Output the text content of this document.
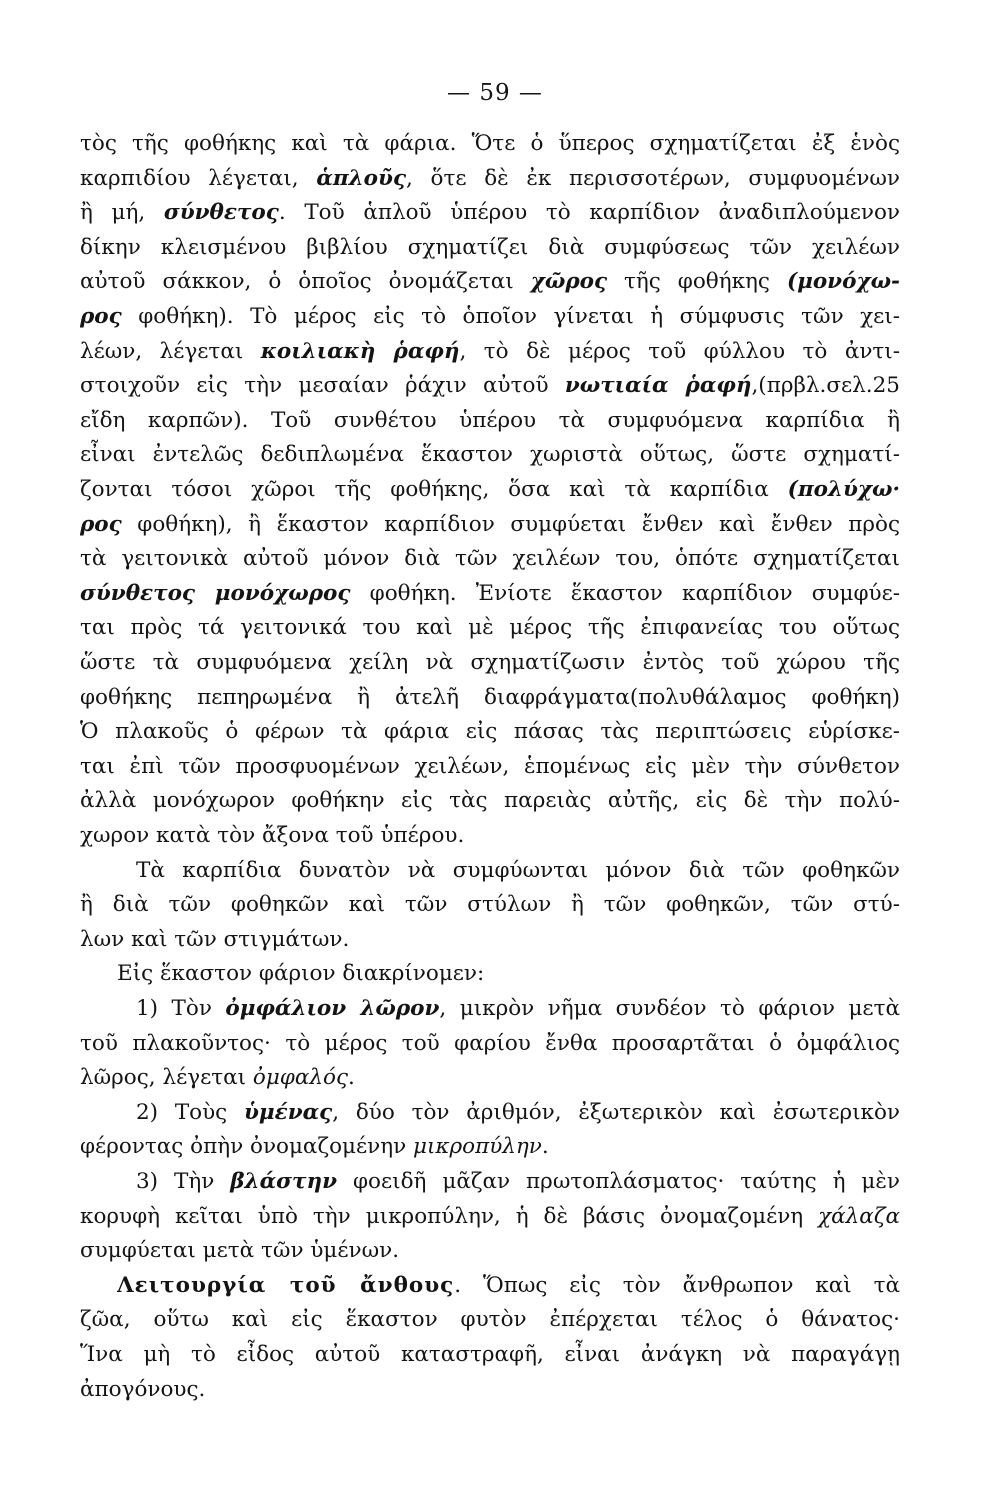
— 59 —
τὸς τῆς φοθήκης καὶ τὰ φάρια. Ὅτε ὁ ὕπερος σχηματίζεται ἐξ ἑνὸς
καρπιδίου λέγεται, ἁπλοῦς, ὅτε δὲ ἐκ περισσοτέρων, συμφυομένων
ἢ μή, σύνθετος. Τοῦ ἁπλοῦ ὑπέρου τὸ καρπίδιον ἀναδιπλούμενον
δίκην κλεισμένου βιβλίου σχηματίζει διὰ συμφύσεως τῶν χειλέων
αὐτοῦ σάκκον, ὁ ὁποῖος ὀνομάζεται χῶρος τῆς φοθήκης (μονόχω-
ρος φοθήκη). Τὸ μέρος εἰς τὸ ὁποῖον γίνεται ἡ σύμφυσις τῶν χει-
λέων, λέγεται κοιλιακὴ ῥαφή, τὸ δὲ μέρος τοῦ φύλλου τὸ ἀντι-
στοιχοῦν εἰς τὴν μεσαίαν ῥάχιν αὐτοῦ νωτιαία ῥαφή,(πρβλ.σελ.25
εἴδη καρπῶν). Τοῦ συνθέτου ὑπέρου τὰ συμφυόμενα καρπίδια ἢ
εἶναι ἐντελῶς δεδιπλωμένα ἕκαστον χωριστὰ οὕτως, ὥστε σχηματί-
ζονται τόσοι χῶροι τῆς φοθήκης, ὅσα καὶ τὰ καρπίδια (πολύχω·
ρος φοθήκη), ἢ ἕκαστον καρπίδιον συμφύεται ἔνθεν καὶ ἔνθεν πρὸς
τὰ γειτονικὰ αὐτοῦ μόνον διὰ τῶν χειλέων του, ὁπότε σχηματίζεται
σύνθετος μονόχωρος φοθήκη. Ἐνίοτε ἕκαστον καρπίδιον συμφύε-
ται πρὸς τά γειτονικά του καὶ μὲ μέρος τῆς ἐπιφανείας του οὕτως
ὥστε τὰ συμφυόμενα χείλη νὰ σχηματίζωσιν ἐντὸς τοῦ χώρου τῆς
φοθήκης πεπηρωμένα ἢ ἀτελῆ διαφράγματα(πολυθάλαμος φοθήκη)
Ὁ πλακοῦς ὁ φέρων τὰ φάρια εἰς πάσας τὰς περιπτώσεις εὑρίσκε-
ται ἐπὶ τῶν προσφυομένων χειλέων, ἑπομένως εἰς μὲν τὴν σύνθετον
ἀλλὰ μονόχωρον φοθήκην εἰς τὰς παρειὰς αὐτῆς, εἰς δὲ τὴν πολύ-
χωρον κατὰ τὸν ἄξονα τοῦ ὑπέρου.
Τὰ καρπίδια δυνατὸν νὰ συμφύωνται μόνον διὰ τῶν φοθηκῶν
ἢ διὰ τῶν φοθηκῶν καὶ τῶν στύλων ἢ τῶν φοθηκῶν, τῶν στύ-
λων καὶ τῶν στιγμάτων.
Εἰς ἕκαστον φάριον διακρίνομεν:
1) Τὸν ὀμφάλιον λῶρον, μικρὸν νῆμα συνδέον τὸ φάριον μετὰ
τοῦ πλακοῦντος· τὸ μέρος τοῦ φαρίου ἔνθα προσαρτᾶται ὁ ὀμφάλιος
λῶρος, λέγεται ὀμφαλός.
2) Τοὺς ὑμένας, δύο τὸν ἀριθμόν, ἐξωτερικὸν καὶ ἐσωτερικὸν
φέροντας ὀπὴν ὀνομαζομένην μικροπύλην.
3) Τὴν βλάστην φοειδῆ μᾶζαν πρωτοπλάσματος· ταύτης ἡ μὲν
κορυφὴ κεῖται ὑπὸ τὴν μικροπύλην, ἡ δὲ βάσις ὀνομαζομένη χάλαζα
συμφύεται μετὰ τῶν ὑμένων.
Λειτουργία τοῦ ἄνθους. Ὅπως εἰς τὸν ἄνθρωπον καὶ τὰ
ζῶα, οὕτω καὶ εἰς ἕκαστον φυτὸν ἐπέρχεται τέλος ὁ θάνατος·
Ἵνα μὴ τὸ εἶδος αὐτοῦ καταστραφῆ, εἶναι ἀνάγκη νὰ παραγάγῃ
ἀπογόνους.
